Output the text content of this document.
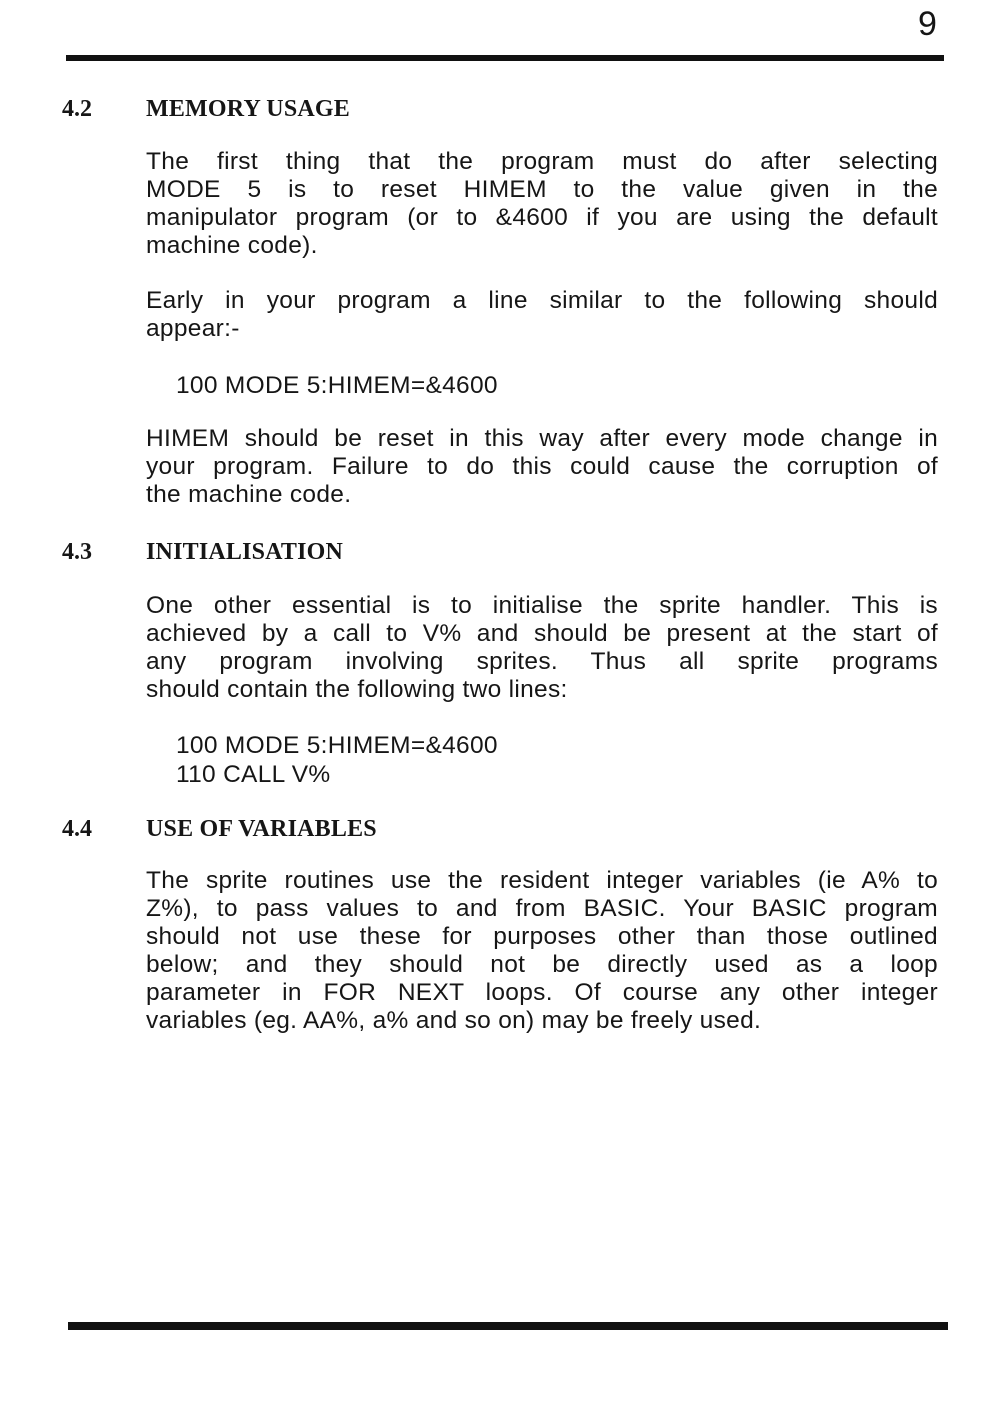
9
4.2 MEMORY USAGE
The first thing that the program must do after selecting
MODE 5 is to reset HIMEM to the value given in the
manipulator program (or to &4600 if you are using the default
machine code).
Early in your program a line similar to the following should
appear:-
100 MODE 5:HIMEM=&4600
HIMEM should be reset in this way after every mode change in
your program. Failure to do this could cause the corruption of
the machine code.
4.3 INITIALISATION
One other essential is to initialise the sprite handler. This is
achieved by a call to V% and should be present at the start of
any program involving sprites. Thus all sprite programs
should contain the following two lines:
100 MODE 5:HIMEM=&4600
110 CALL V%
4.4 USE OF VARIABLES
The sprite routines use the resident integer variables (ie A% to
Z%), to pass values to and from BASIC. Your BASIC program
should not use these for purposes other than those outlined
below; and they should not be directly used as a loop
parameter in FOR NEXT loops. Of course any other integer
variables (eg. AA%, a% and so on) may be freely used.
